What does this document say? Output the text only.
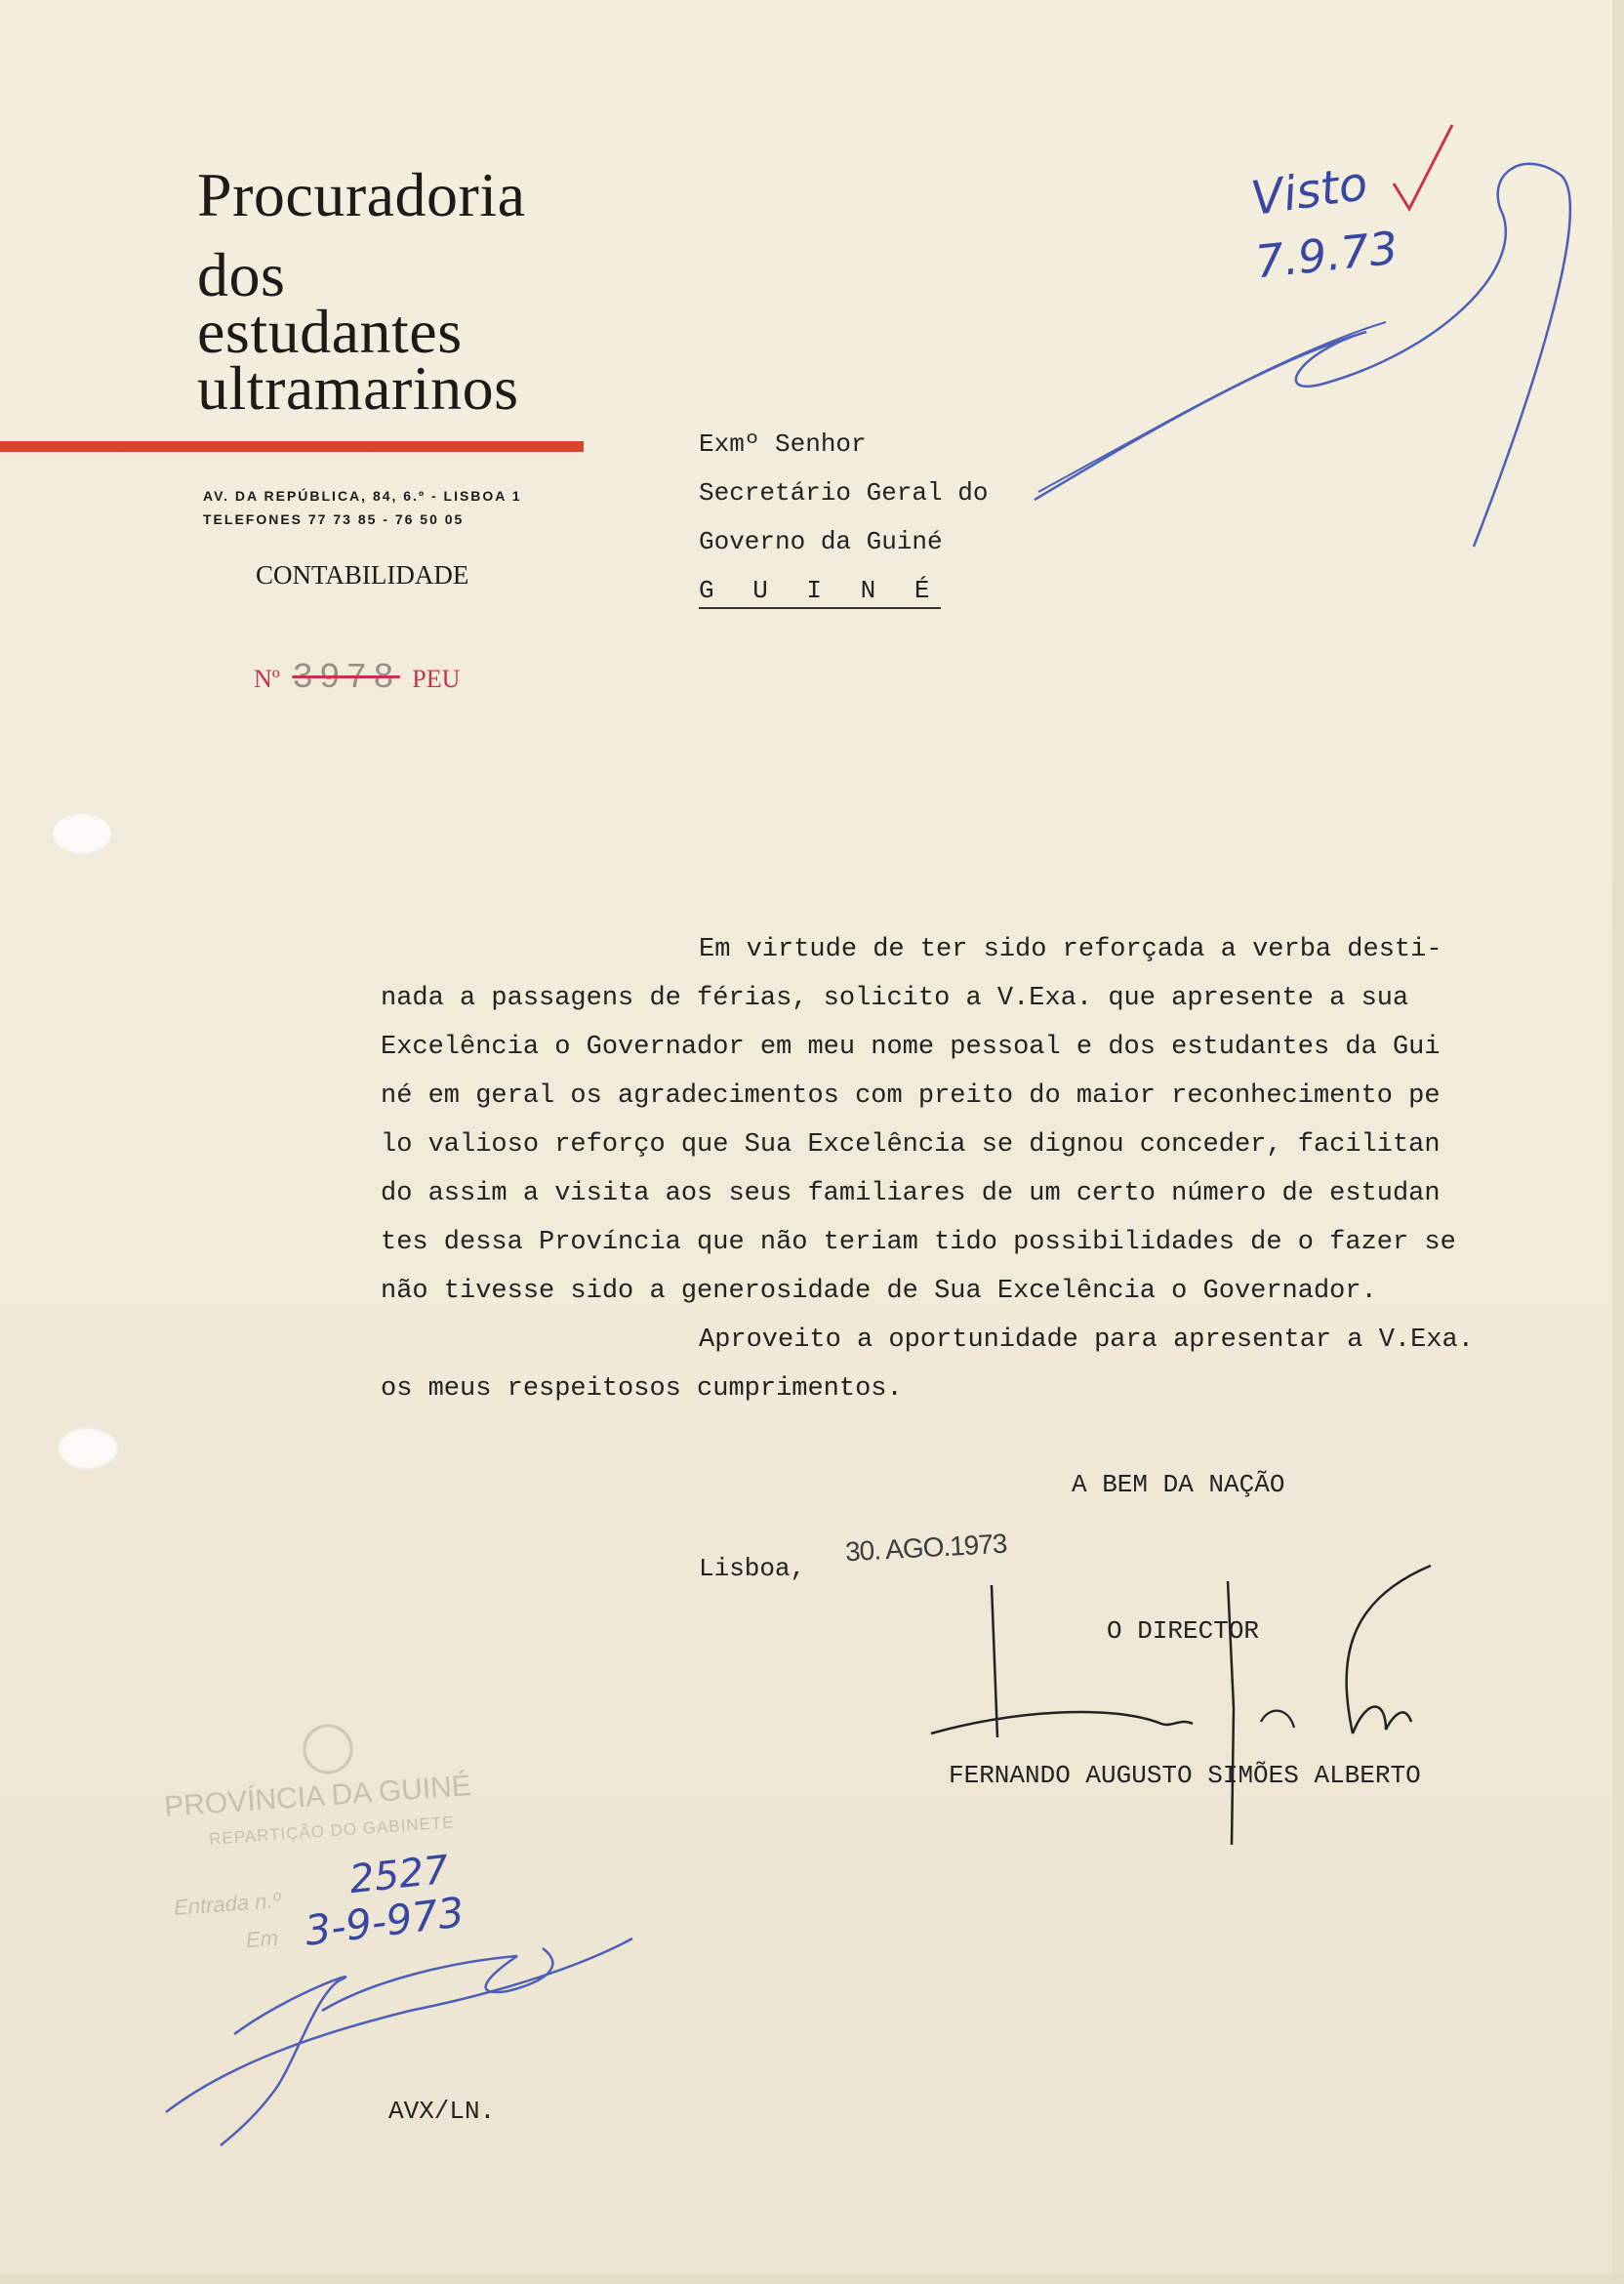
Procuradoria
dos
estudantes
ultramarinos
AV. DA REPÚBLICA, 84, 6.º - LISBOA 1
TELEFONES 77 73 85 - 76 50 05
CONTABILIDADE
Nº 3978 PEU
Exmº Senhor
Secretário Geral do
Governo da Guiné
G U I N É
Em virtude de ter sido reforçada a verba desti-
nada a passagens de férias, solicito a V.Exa. que apresente a sua
Excelência o Governador em meu nome pessoal e dos estudantes da Gui
né em geral os agradecimentos com preito do maior reconhecimento pe
lo valioso reforço que Sua Excelência se dignou conceder, facilitan
do assim a visita aos seus familiares de um certo número de estudan
tes dessa Província que não teriam tido possibilidades de o fazer se
não tivesse sido a generosidade de Sua Excelência o Governador.
Aproveito a oportunidade para apresentar a V.Exa.
os meus respeitosos cumprimentos.
A BEM DA NAÇÃO
Lisboa,
30. AGO.1973
O DIRECTOR
FERNANDO AUGUSTO SIMÕES ALBERTO
PROVÍNCIA DA GUINÉ
REPARTIÇÃO DO GABINETE
Entrada n.º
Em
2527
3-9-973
Visto
7.9.73
AVX/LN.
